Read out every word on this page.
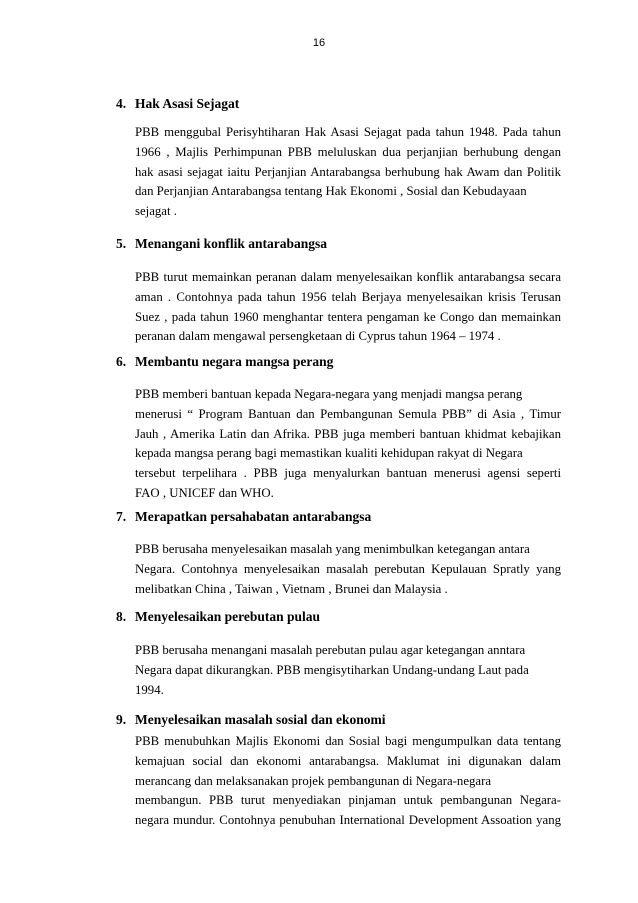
16
4. Hak Asasi Sejagat
PBB menggubal Perisyhtiharan Hak Asasi Sejagat pada tahun 1948. Pada tahun
1966 , Majlis Perhimpunan PBB meluluskan dua perjanjian berhubung dengan
hak asasi sejagat iaitu Perjanjian Antarabangsa berhubung hak Awam dan Politik
dan Perjanjian Antarabangsa tentang Hak Ekonomi , Sosial dan Kebudayaan
sejagat .
5. Menangani konflik antarabangsa
PBB turut memainkan peranan dalam menyelesaikan konflik antarabangsa secara
aman . Contohnya pada tahun 1956 telah Berjaya menyelesaikan krisis Terusan
Suez , pada tahun 1960 menghantar tentera pengaman ke Congo dan memainkan
peranan dalam mengawal persengketaan di Cyprus tahun 1964 – 1974 .
6. Membantu negara mangsa perang
PBB memberi bantuan kepada Negara-negara yang menjadi mangsa perang
menerusi “ Program Bantuan dan Pembangunan Semula PBB” di Asia , Timur
Jauh , Amerika Latin dan Afrika. PBB juga memberi bantuan khidmat kebajikan
kepada mangsa perang bagi memastikan kualiti kehidupan rakyat di Negara
tersebut terpelihara . PBB juga menyalurkan bantuan menerusi agensi seperti
FAO , UNICEF dan WHO.
7. Merapatkan persahabatan antarabangsa
PBB berusaha menyelesaikan masalah yang menimbulkan ketegangan antara
Negara. Contohnya menyelesaikan masalah perebutan Kepulauan Spratly yang
melibatkan China , Taiwan , Vietnam , Brunei dan Malaysia .
8. Menyelesaikan perebutan pulau
PBB berusaha menangani masalah perebutan pulau agar ketegangan anntara
Negara dapat dikurangkan. PBB mengisytiharkan Undang-undang Laut pada
1994.
9. Menyelesaikan masalah sosial dan ekonomi
PBB menubuhkan Majlis Ekonomi dan Sosial bagi mengumpulkan data tentang
kemajuan social dan ekonomi antarabangsa. Maklumat ini digunakan dalam
merancang dan melaksanakan projek pembangunan di Negara-negara
membangun. PBB turut menyediakan pinjaman untuk pembangunan Negara-
negara mundur. Contohnya penubuhan International Development Assoation yang
